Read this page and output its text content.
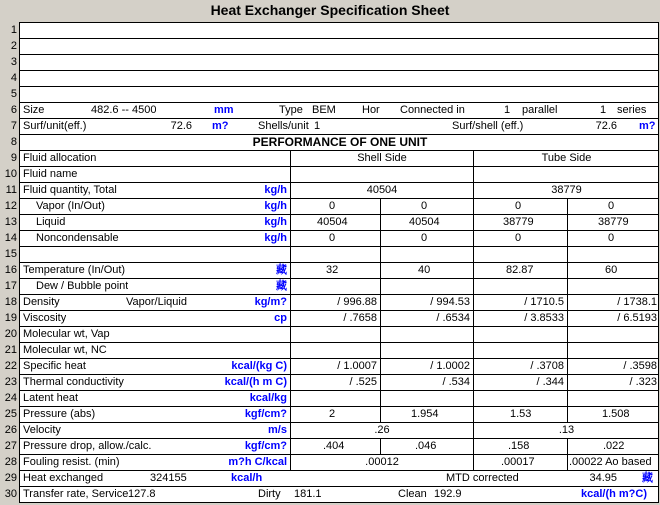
Heat Exchanger Specification Sheet
1
2
3
4
5
6 Size	482.6 -- 4500	mm	Type BEM Hor Connected in	1 parallel	1 series
7 Surf/unit(eff.)	72.6 m?	Shells/unit 1	Surf/shell (eff.)	72.6 m?
8	PERFORMANCE OF ONE UNIT
9 Fluid allocation	Shell Side	Tube Side
10 Fluid name
11 Fluid quantity, Total	kg/h	40504	38779
12 Vapor (In/Out)	kg/h	0	0	0	0
13 Liquid	kg/h	40504	40504	38779	38779
14 Noncondensable	kg/h	0	0	0	0
15
16 Temperature (In/Out)	藏	32	40	82.87	60
17 Dew / Bubble point	藏
18 Density	Vapor/Liquid	kg/m?	/ 996.88	/ 994.53	/ 1710.5	/ 1738.1
19 Viscosity	cp	/ .7658	/ .6534	/ 3.8533	/ 6.5193
20 Molecular wt, Vap
21 Molecular wt, NC
22 Specific heat	kcal/(kg C)	/ 1.0007	/ 1.0002	/ .3708	/ .3598
23 Thermal conductivity	kcal/(h m C)	/ .525	/ .534	/ .344	/ .323
24 Latent heat	kcal/kg
25 Pressure (abs)	kgf/cm?	2	1.954	1.53	1.508
26 Velocity	m/s	.26	.13
27 Pressure drop, allow./calc.	kgf/cm?	.404	.046	.158	.022
28 Fouling resist. (min)	m?h C/kcal	.00012	.00017	.00022 Ao based
29 Heat exchanged	324155	kcal/h	MTD corrected	34.95 藏
30 Transfer rate, Service 127.8	Dirty 181.1	Clean 192.9	kcal/(h m?C)
